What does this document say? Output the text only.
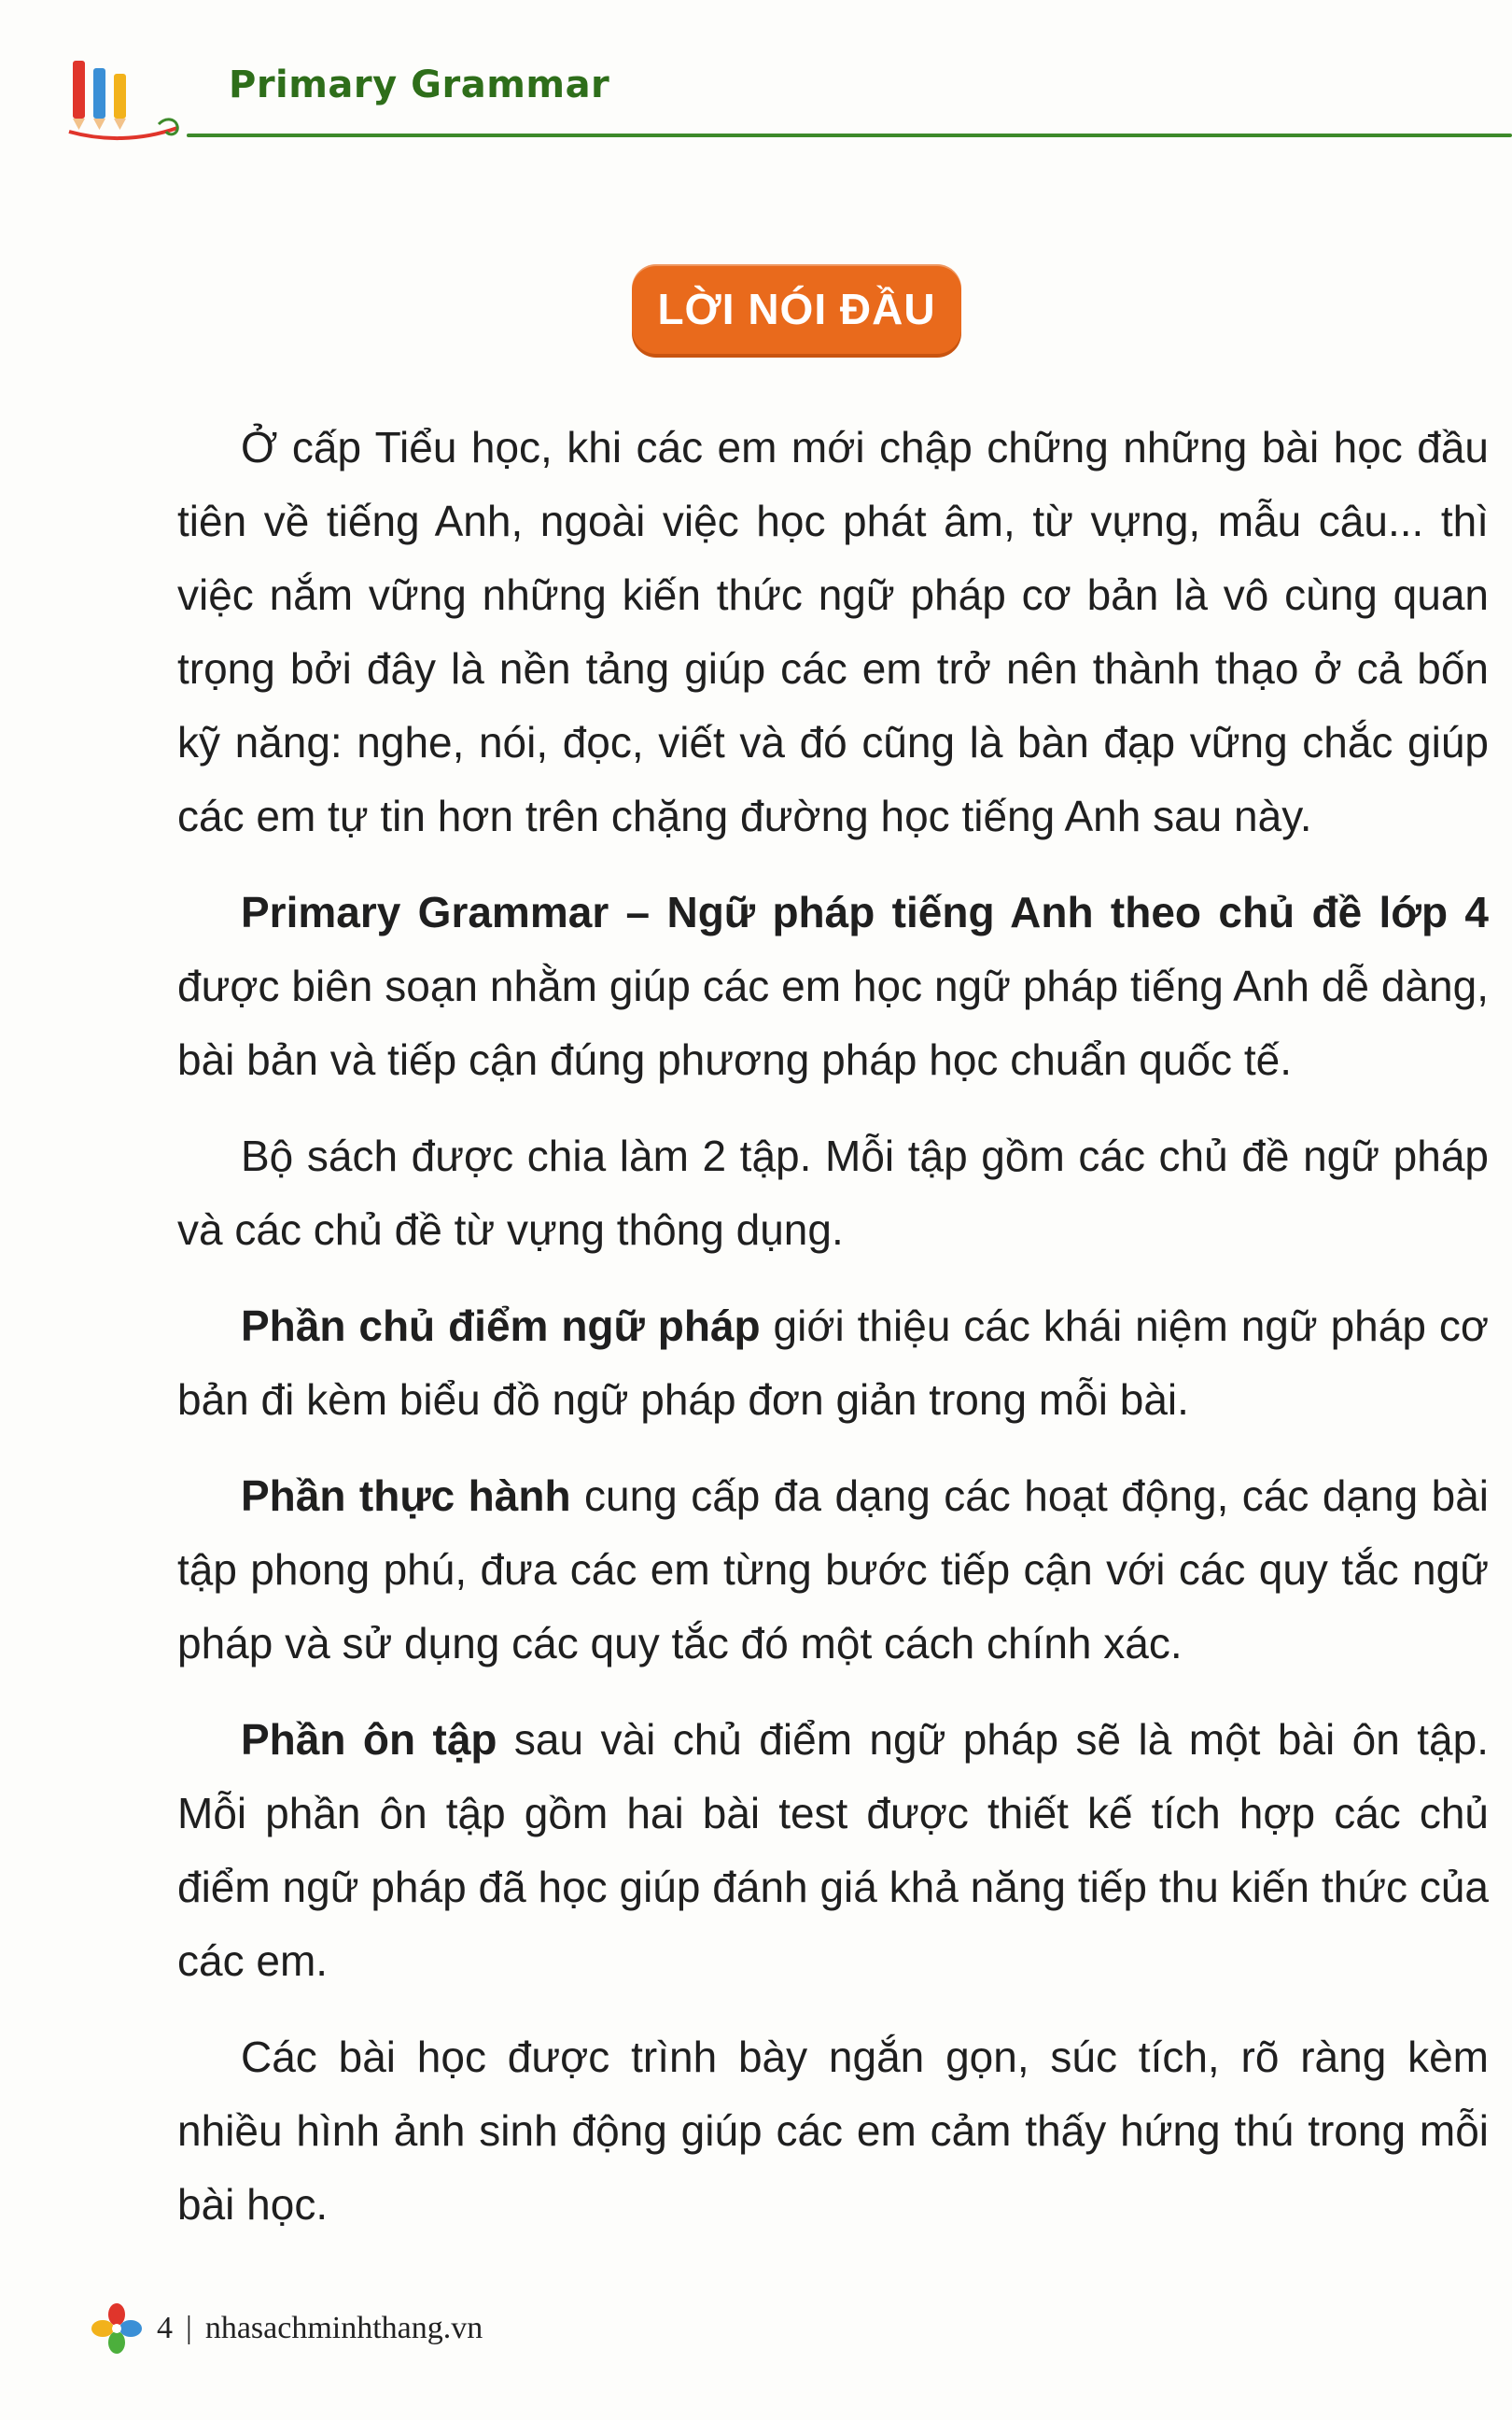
Primary Grammar
LỜI NÓI ĐẦU

Ở cấp Tiểu học, khi các em mới chập chững những bài học đầu tiên về tiếng Anh, ngoài việc học phát âm, từ vựng, mẫu câu... thì việc nắm vững những kiến thức ngữ pháp cơ bản là vô cùng quan trọng bởi đây là nền tảng giúp các em trở nên thành thạo ở cả bốn kỹ năng: nghe, nói, đọc, viết và đó cũng là bàn đạp vững chắc giúp các em tự tin hơn trên chặng đường học tiếng Anh sau này.

Primary Grammar – Ngữ pháp tiếng Anh theo chủ đề lớp 4 được biên soạn nhằm giúp các em học ngữ pháp tiếng Anh dễ dàng, bài bản và tiếp cận đúng phương pháp học chuẩn quốc tế.

Bộ sách được chia làm 2 tập. Mỗi tập gồm các chủ đề ngữ pháp và các chủ đề từ vựng thông dụng.

Phần chủ điểm ngữ pháp giới thiệu các khái niệm ngữ pháp cơ bản đi kèm biểu đồ ngữ pháp đơn giản trong mỗi bài.

Phần thực hành cung cấp đa dạng các hoạt động, các dạng bài tập phong phú, đưa các em từng bước tiếp cận với các quy tắc ngữ pháp và sử dụng các quy tắc đó một cách chính xác.

Phần ôn tập sau vài chủ điểm ngữ pháp sẽ là một bài ôn tập. Mỗi phần ôn tập gồm hai bài test được thiết kế tích hợp các chủ điểm ngữ pháp đã học giúp đánh giá khả năng tiếp thu kiến thức của các em.

Các bài học được trình bày ngắn gọn, súc tích, rõ ràng kèm nhiều hình ảnh sinh động giúp các em cảm thấy hứng thú trong mỗi bài học.

4 | nhasachminhthang.vn
